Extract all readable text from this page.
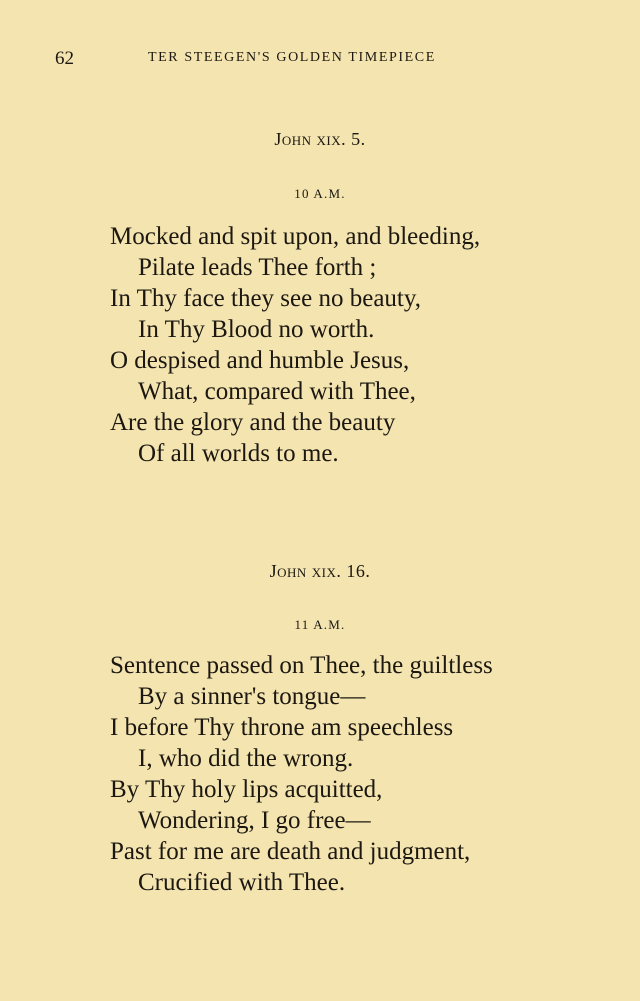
62	TER STEEGEN'S GOLDEN TIMEPIECE
John xix. 5.
10 A.M.
Mocked and spit upon, and bleeding,
Pilate leads Thee forth ;
In Thy face they see no beauty,
In Thy Blood no worth.
O despised and humble Jesus,
What, compared with Thee,
Are the glory and the beauty
Of all worlds to me.
John xix. 16.
11 A.M.
Sentence passed on Thee, the guiltless
By a sinner's tongue—
I before Thy throne am speechless
I, who did the wrong.
By Thy holy lips acquitted,
Wondering, I go free—
Past for me are death and judgment,
Crucified with Thee.
